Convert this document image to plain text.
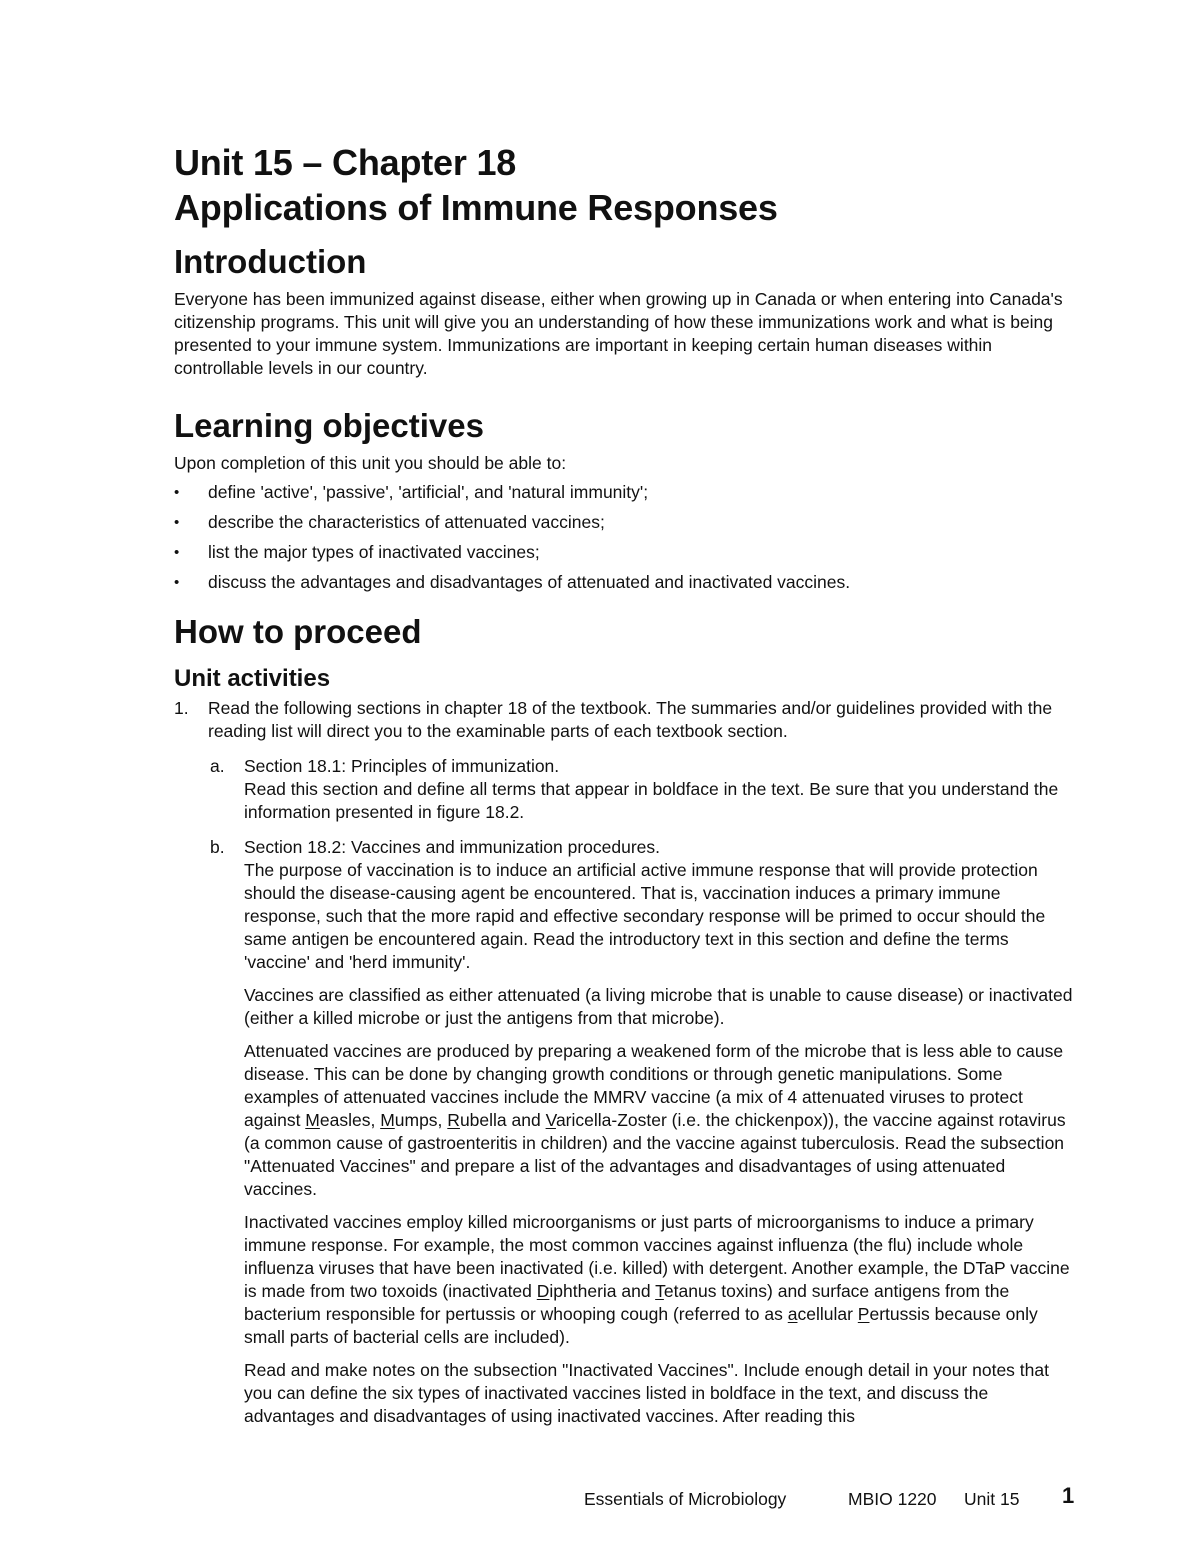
Unit 15 – Chapter 18
Applications of Immune Responses
Introduction

Everyone has been immunized against disease, either when growing up in Canada or when entering into Canada's citizenship programs. This unit will give you an understanding of how these immunizations work and what is being presented to your immune system. Immunizations are important in keeping certain human diseases within controllable levels in our country.

Learning objectives

Upon completion of this unit you should be able to:

• define 'active', 'passive', 'artificial', and 'natural immunity';
• describe the characteristics of attenuated vaccines;
• list the major types of inactivated vaccines;
• discuss the advantages and disadvantages of attenuated and inactivated vaccines.
How to proceed
Unit activities
1. Read the following sections in chapter 18 of the textbook. The summaries and/or guidelines provided with the reading list will direct you to the examinable parts of each textbook section.
a. Section 18.1: Principles of immunization.
Read this section and define all terms that appear in boldface in the text. Be sure that you understand the information presented in figure 18.2.

b. Section 18.2: Vaccines and immunization procedures.
The purpose of vaccination is to induce an artificial active immune response that will provide protection should the disease-causing agent be encountered. That is, vaccination induces a primary immune response, such that the more rapid and effective secondary response will be primed to occur should the same antigen be encountered again. Read the introductory text in this section and define the terms 'vaccine' and 'herd immunity'.

Vaccines are classified as either attenuated (a living microbe that is unable to cause disease) or inactivated (either a killed microbe or just the antigens from that microbe).

Attenuated vaccines are produced by preparing a weakened form of the microbe that is less able to cause disease. This can be done by changing growth conditions or through genetic manipulations. Some examples of attenuated vaccines include the MMRV vaccine (a mix of 4 attenuated viruses to protect against Measles, Mumps, Rubella and Varicella-Zoster (i.e. the chickenpox)), the vaccine against rotavirus (a common cause of gastroenteritis in children) and the vaccine against tuberculosis. Read the subsection "Attenuated Vaccines" and prepare a list of the advantages and disadvantages of using attenuated vaccines.

Inactivated vaccines employ killed microorganisms or just parts of microorganisms to induce a primary immune response. For example, the most common vaccines against influenza (the flu) include whole influenza viruses that have been inactivated (i.e. killed) with detergent. Another example, the DTaP vaccine is made from two toxoids (inactivated Diphtheria and Tetanus toxins) and surface antigens from the bacterium responsible for pertussis or whooping cough (referred to as acellular Pertussis because only small parts of bacterial cells are included).

Read and make notes on the subsection "Inactivated Vaccines". Include enough detail in your notes that you can define the six types of inactivated vaccines listed in boldface in the text, and discuss the advantages and disadvantages of using inactivated vaccines. After reading this

Essentials of Microbiology	MBIO 1220 Unit 15 1
